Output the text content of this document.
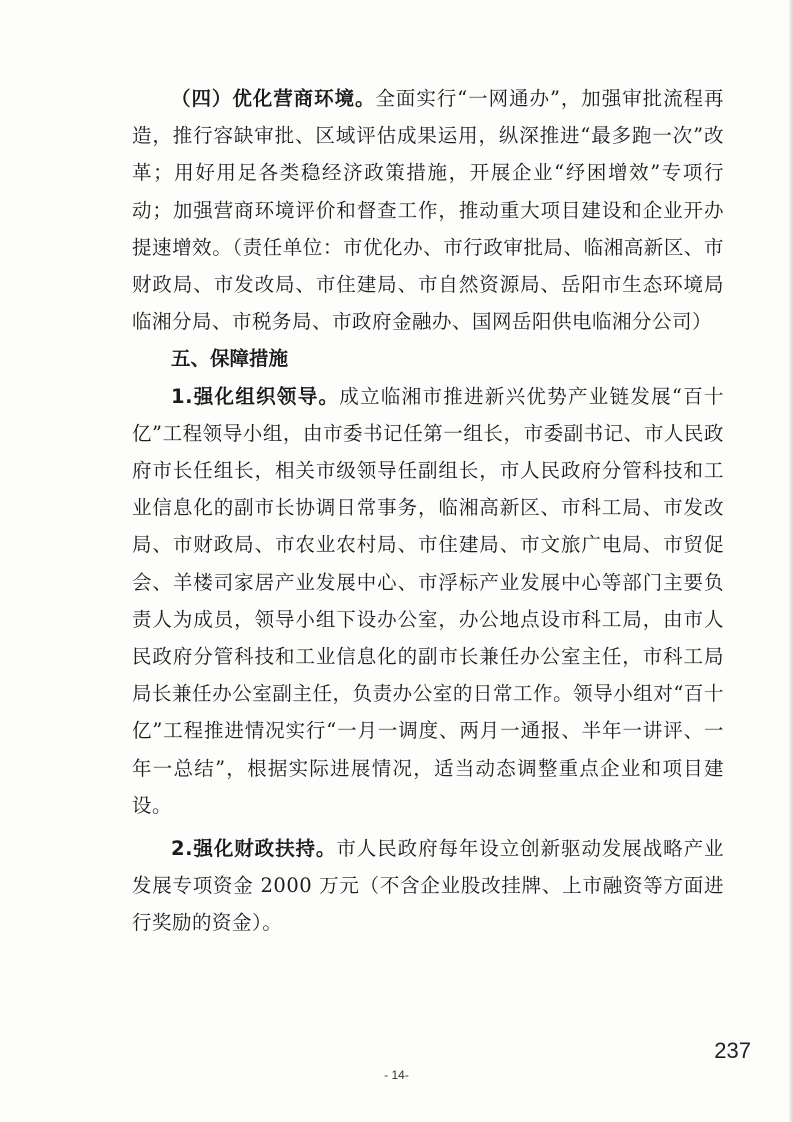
（四）优化营商环境。全面实行“一网通办”，加强审批流程再造，推行容缺审批、区域评估成果运用，纵深推进“最多跑一次”改革；用好用足各类稳经济政策措施，开展企业“纾困增效”专项行动；加强营商环境评价和督查工作，推动重大项目建设和企业开办提速增效。（责任单位：市优化办、市行政审批局、临湘高新区、市财政局、市发改局、市住建局、市自然资源局、岳阳市生态环境局临湘分局、市税务局、市政府金融办、国网岳阳供电临湘分公司）

五、保障措施

1.强化组织领导。成立临湘市推进新兴优势产业链发展“百十亿”工程领导小组，由市委书记任第一组长，市委副书记、市人民政府市长任组长，相关市级领导任副组长，市人民政府分管科技和工业信息化的副市长协调日常事务，临湘高新区、市科工局、市发改局、市财政局、市农业农村局、市住建局、市文旅广电局、市贸促会、羊楼司家居产业发展中心、市浮标产业发展中心等部门主要负责人为成员，领导小组下设办公室，办公地点设市科工局，由市人民政府分管科技和工业信息化的副市长兼任办公室主任，市科工局局长兼任办公室副主任，负责办公室的日常工作。领导小组对“百十亿”工程推进情况实行“一月一调度、两月一通报、半年一讲评、一年一总结”，根据实际进展情况，适当动态调整重点企业和项目建设。

2.强化财政扶持。市人民政府每年设立创新驱动发展战略产业发展专项资金 2000 万元（不含企业股改挂牌、上市融资等方面进行奖励的资金）。

237
- 14-
